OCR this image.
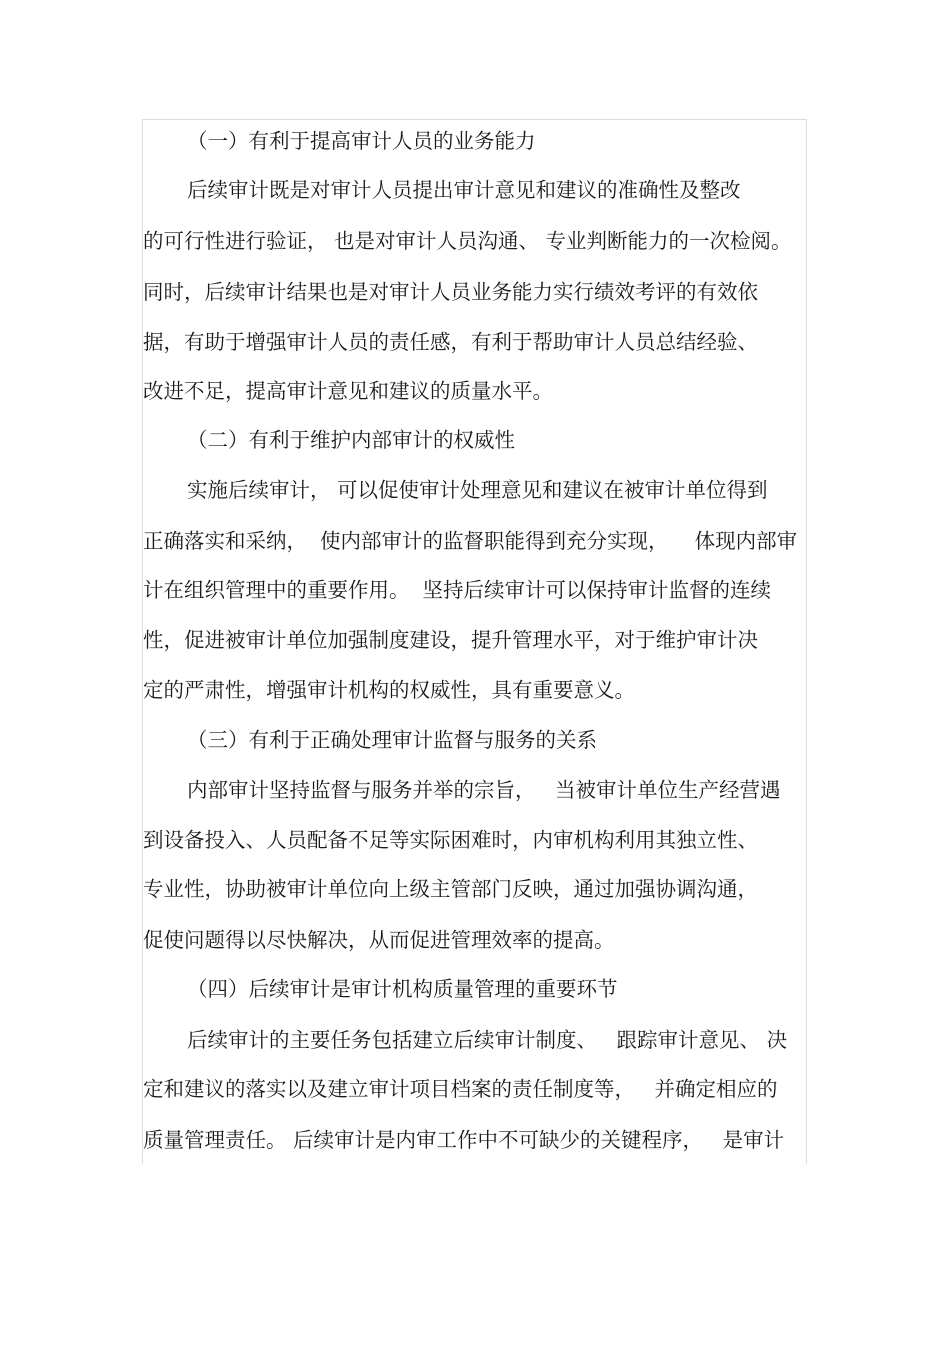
（一）有利于提高审计人员的业务能力
后续审计既是对审计人员提出审计意见和建议的准确性及整改
的可行性进行验证， 也是对审计人员沟通、 专业判断能力的一次检阅。
同时，后续审计结果也是对审计人员业务能力实行绩效考评的有效依
据，有助于增强审计人员的责任感，有利于帮助审计人员总结经验、
改进不足，提高审计意见和建议的质量水平。
（二）有利于维护内部审计的权威性
实施后续审计， 可以促使审计处理意见和建议在被审计单位得到
正确落实和采纳，  使内部审计的监督职能得到充分实现，    体现内部审
计在组织管理中的重要作用。  坚持后续审计可以保持审计监督的连续
性，促进被审计单位加强制度建设，提升管理水平，对于维护审计决
定的严肃性，增强审计机构的权威性，具有重要意义。
（三）有利于正确处理审计监督与服务的关系
内部审计坚持监督与服务并举的宗旨，   当被审计单位生产经营遇
到设备投入、人员配备不足等实际困难时，内审机构利用其独立性、
专业性，协助被审计单位向上级主管部门反映，通过加强协调沟通，
促使问题得以尽快解决，从而促进管理效率的提高。
（四）后续审计是审计机构质量管理的重要环节
后续审计的主要任务包括建立后续审计制度、   跟踪审计意见、 决
定和建议的落实以及建立审计项目档案的责任制度等，   并确定相应的
质量管理责任。 后续审计是内审工作中不可缺少的关键程序，   是审计
